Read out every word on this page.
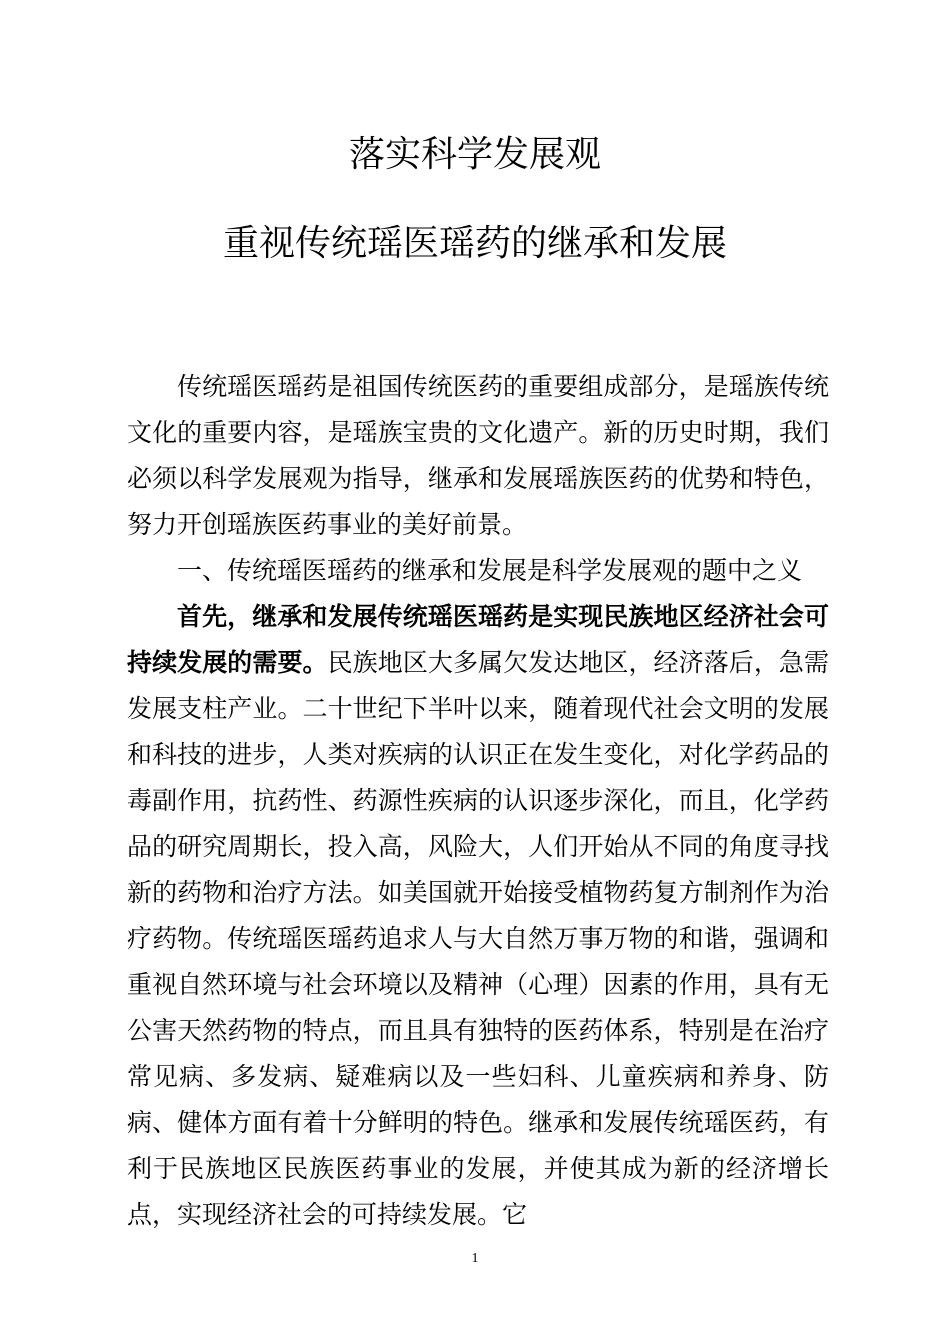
落实科学发展观
重视传统瑶医瑶药的继承和发展

传统瑶医瑶药是祖国传统医药的重要组成部分，是瑶族传统文化的重要内容，是瑶族宝贵的文化遗产。新的历史时期，我们必须以科学发展观为指导，继承和发展瑶族医药的优势和特色，努力开创瑶族医药事业的美好前景。

一、传统瑶医瑶药的继承和发展是科学发展观的题中之义

首先，继承和发展传统瑶医瑶药是实现民族地区经济社会可持续发展的需要。民族地区大多属欠发达地区，经济落后，急需发展支柱产业。二十世纪下半叶以来，随着现代社会文明的发展和科技的进步，人类对疾病的认识正在发生变化，对化学药品的毒副作用，抗药性、药源性疾病的认识逐步深化，而且，化学药品的研究周期长，投入高，风险大，人们开始从不同的角度寻找新的药物和治疗方法。如美国就开始接受植物药复方制剂作为治疗药物。传统瑶医瑶药追求人与大自然万事万物的和谐，强调和重视自然环境与社会环境以及精神（心理）因素的作用，具有无公害天然药物的特点，而且具有独特的医药体系，特别是在治疗常见病、多发病、疑难病以及一些妇科、儿童疾病和养身、防病、健体方面有着十分鲜明的特色。继承和发展传统瑶医药，有利于民族地区民族医药事业的发展，并使其成为新的经济增长点，实现经济社会的可持续发展。它

1
